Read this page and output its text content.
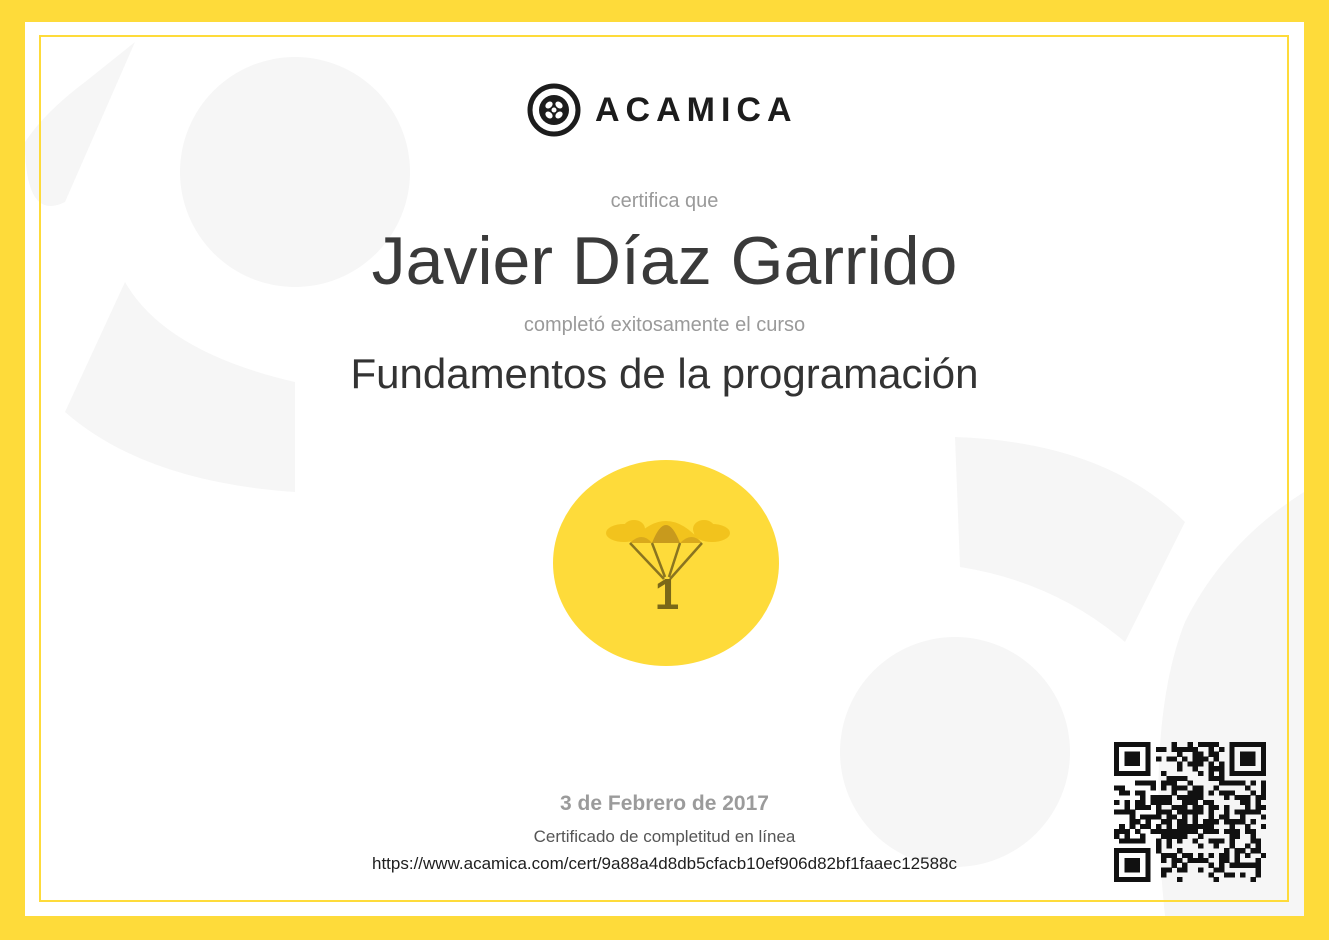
ACAMICA
certifica que
Javier Díaz Garrido
completó exitosamente el curso
Fundamentos de la programación
1
3 de Febrero de 2017
Certificado de completitud en línea
https://www.acamica.com/cert/9a88a4d8db5cfacb10ef906d82bf1faaec12588c
